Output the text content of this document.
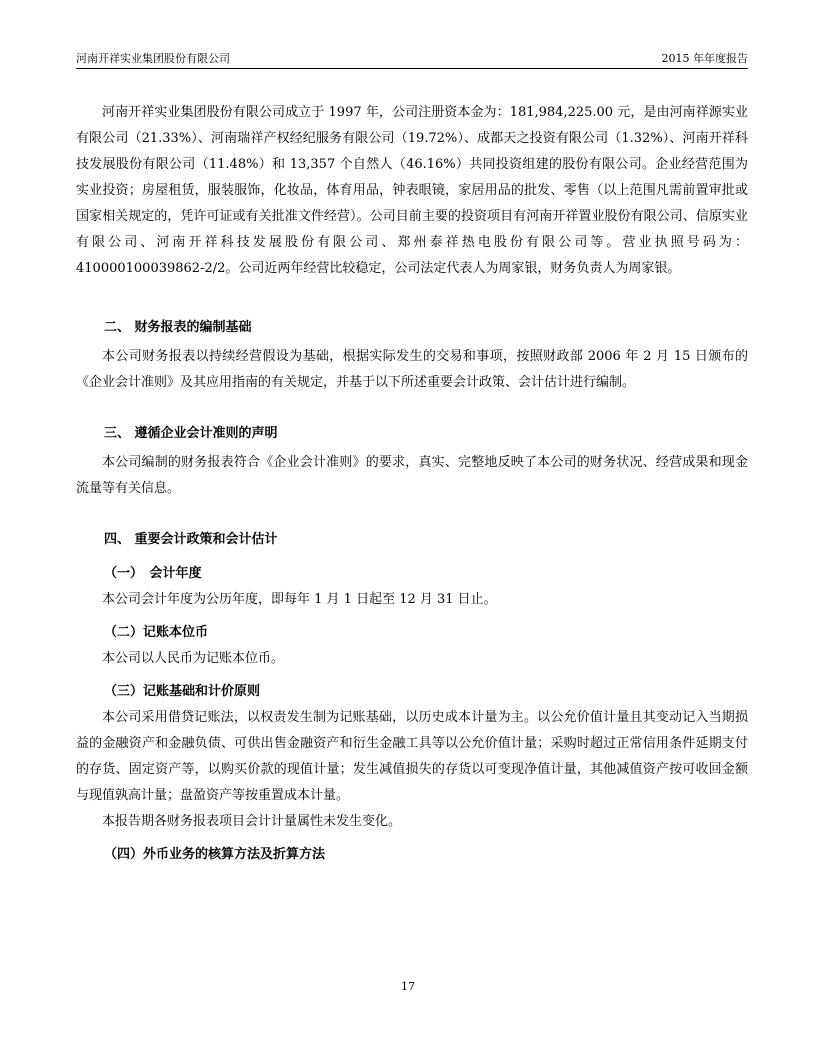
河南开祥实业集团股份有限公司	2015 年年度报告

河南开祥实业集团股份有限公司成立于 1997 年，公司注册资本金为：181,984,225.00 元，是由河南祥源实业有限公司（21.33%）、河南瑞祥产权经纪服务有限公司（19.72%）、成都天之投资有限公司（1.32%）、河南开祥科技发展股份有限公司（11.48%）和 13,357 个自然人（46.16%）共同投资组建的股份有限公司。企业经营范围为实业投资；房屋租赁，服装服饰，化妆品，体育用品，钟表眼镜，家居用品的批发、零售（以上范围凡需前置审批或国家相关规定的，凭许可证或有关批准文件经营）。公司目前主要的投资项目有河南开祥置业股份有限公司、信原实业有限公司、河南开祥科技发展股份有限公司、郑州泰祥热电股份有限公司等。营业执照号码为：410000100039862-2/2。公司近两年经营比较稳定，公司法定代表人为周家银，财务负责人为周家银。

二、 财务报表的编制基础

本公司财务报表以持续经营假设为基础，根据实际发生的交易和事项，按照财政部 2006 年 2 月 15 日颁布的《企业会计准则》及其应用指南的有关规定，并基于以下所述重要会计政策、会计估计进行编制。

三、 遵循企业会计准则的声明

本公司编制的财务报表符合《企业会计准则》的要求，真实、完整地反映了本公司的财务状况、经营成果和现金流量等有关信息。

四、 重要会计政策和会计估计

（一）　会计年度

本公司会计年度为公历年度，即每年 1 月 1 日起至 12 月 31 日止。

（二）记账本位币

本公司以人民币为记账本位币。

（三）记账基础和计价原则

本公司采用借贷记账法，以权责发生制为记账基础，以历史成本计量为主。以公允价值计量且其变动记入当期损益的金融资产和金融负债、可供出售金融资产和衍生金融工具等以公允价值计量；采购时超过正常信用条件延期支付的存货、固定资产等，以购买价款的现值计量；发生减值损失的存货以可变现净值计量，其他减值资产按可收回金额与现值孰高计量；盘盈资产等按重置成本计量。

本报告期各财务报表项目会计计量属性未发生变化。

（四）外币业务的核算方法及折算方法

17
